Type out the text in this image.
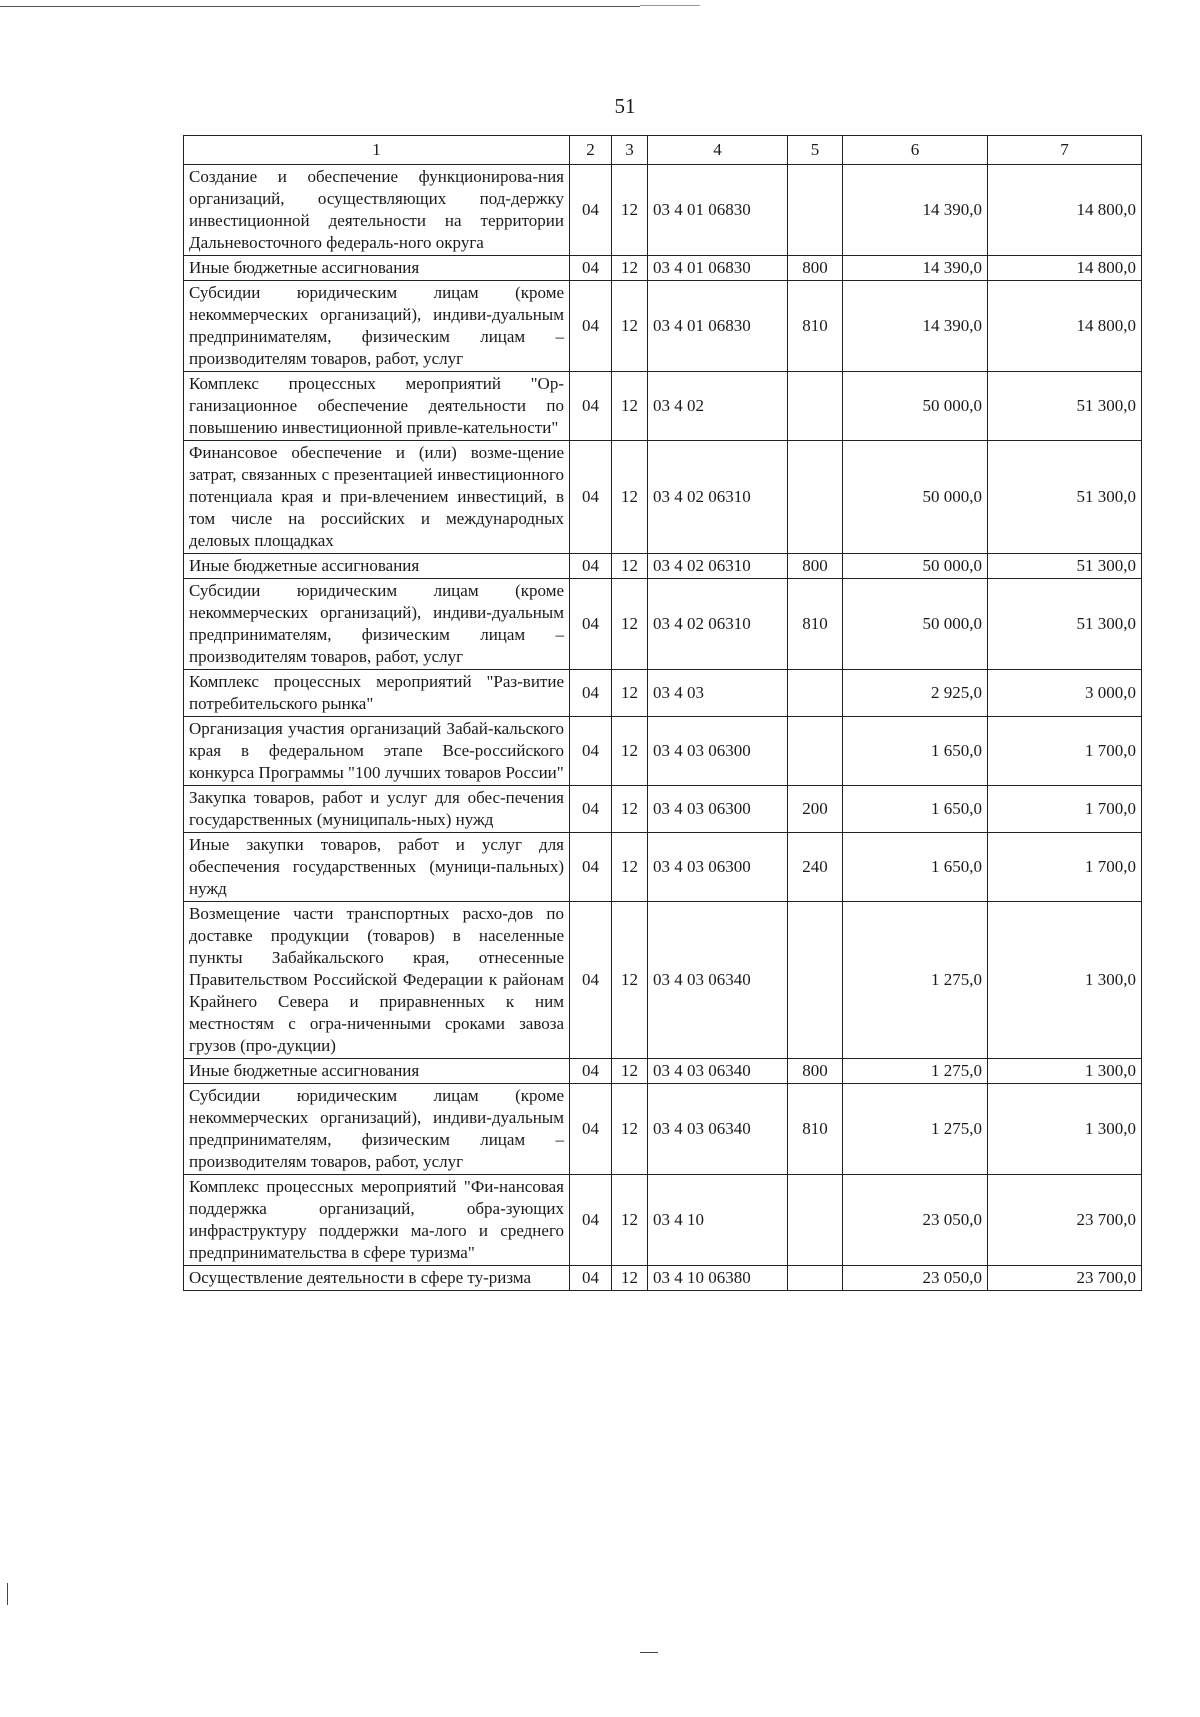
51
1	2	3	4	5	6	7
Создание и обеспечение функционирова-ния организаций, осуществляющих под-держку инвестиционной деятельности на территории Дальневосточного федераль-ного округа	04	12	03 4 01 06830		14 390,0	14 800,0
Иные бюджетные ассигнования	04	12	03 4 01 06830	800	14 390,0	14 800,0
Субсидии юридическим лицам (кроме некоммерческих организаций), индиви-дуальным предпринимателям, физическим лицам – производителям товаров, работ, услуг	04	12	03 4 01 06830	810	14 390,0	14 800,0
Комплекс процессных мероприятий "Ор-ганизационное обеспечение деятельности по повышению инвестиционной привле-кательности"	04	12	03 4 02		50 000,0	51 300,0
Финансовое обеспечение и (или) возме-щение затрат, связанных с презентацией инвестиционного потенциала края и при-влечением инвестиций, в том числе на российских и международных деловых площадках	04	12	03 4 02 06310		50 000,0	51 300,0
Иные бюджетные ассигнования	04	12	03 4 02 06310	800	50 000,0	51 300,0
Субсидии юридическим лицам (кроме некоммерческих организаций), индиви-дуальным предпринимателям, физическим лицам – производителям товаров, работ, услуг	04	12	03 4 02 06310	810	50 000,0	51 300,0
Комплекс процессных мероприятий "Раз-витие потребительского рынка"	04	12	03 4 03		2 925,0	3 000,0
Организация участия организаций Забай-кальского края в федеральном этапе Все-российского конкурса Программы "100 лучших товаров России"	04	12	03 4 03 06300		1 650,0	1 700,0
Закупка товаров, работ и услуг для обес-печения государственных (муниципаль-ных) нужд	04	12	03 4 03 06300	200	1 650,0	1 700,0
Иные закупки товаров, работ и услуг для обеспечения государственных (муници-пальных) нужд	04	12	03 4 03 06300	240	1 650,0	1 700,0
Возмещение части транспортных расхо-дов по доставке продукции (товаров) в населенные пункты Забайкальского края, отнесенные Правительством Российской Федерации к районам Крайнего Севера и приравненных к ним местностям с огра-ниченными сроками завоза грузов (про-дукции)	04	12	03 4 03 06340		1 275,0	1 300,0
Иные бюджетные ассигнования	04	12	03 4 03 06340	800	1 275,0	1 300,0
Субсидии юридическим лицам (кроме некоммерческих организаций), индиви-дуальным предпринимателям, физическим лицам – производителям товаров, работ, услуг	04	12	03 4 03 06340	810	1 275,0	1 300,0
Комплекс процессных мероприятий "Фи-нансовая поддержка организаций, обра-зующих инфраструктуру поддержки ма-лого и среднего предпринимательства в сфере туризма"	04	12	03 4 10		23 050,0	23 700,0
Осуществление деятельности в сфере ту-ризма	04	12	03 4 10 06380		23 050,0	23 700,0
